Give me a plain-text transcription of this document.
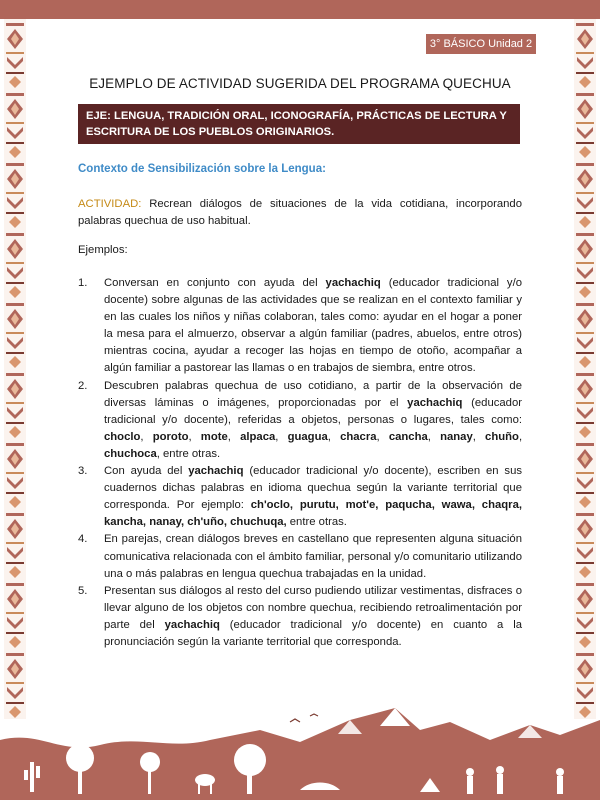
3° BÁSICO Unidad 2
EJEMPLO DE ACTIVIDAD SUGERIDA DEL PROGRAMA QUECHUA
EJE: LENGUA, TRADICIÓN ORAL, ICONOGRAFÍA, PRÁCTICAS DE LECTURA Y ESCRITURA DE LOS PUEBLOS ORIGINARIOS.
Contexto de Sensibilización sobre la Lengua:
ACTIVIDAD: Recrean diálogos de situaciones de la vida cotidiana, incorporando palabras quechua de uso habitual.
Ejemplos:
1. Conversan en conjunto con ayuda del yachachiq (educador tradicional y/o docente) sobre algunas de las actividades que se realizan en el contexto familiar y en las cuales los niños y niñas colaboran, tales como: ayudar en el hogar a poner la mesa para el almuerzo, observar a algún familiar (padres, abuelos, entre otros) mientras cocina, ayudar a recoger las hojas en tiempo de otoño, acompañar a algún familiar a pastorear las llamas o en trabajos de siembra, entre otros.
2. Descubren palabras quechua de uso cotidiano, a partir de la observación de diversas láminas o imágenes, proporcionadas por el yachachiq (educador tradicional y/o docente), referidas a objetos, personas o lugares, tales como: choclo, poroto, mote, alpaca, guagua, chacra, cancha, nanay, chuño, chuchoca, entre otras.
3. Con ayuda del yachachiq (educador tradicional y/o docente), escriben en sus cuadernos dichas palabras en idioma quechua según la variante territorial que corresponda. Por ejemplo: ch'oclo, purutu, mot'e, paqucha, wawa, chaqra, kancha, nanay, ch'uño, chuchuqa, entre otras.
4. En parejas, crean diálogos breves en castellano que representen alguna situación comunicativa relacionada con el ámbito familiar, personal y/o comunitario utilizando una o más palabras en lengua quechua trabajadas en la unidad.
5. Presentan sus diálogos al resto del curso pudiendo utilizar vestimentas, disfraces o llevar alguno de los objetos con nombre quechua, recibiendo retroalimentación por parte del yachachiq (educador tradicional y/o docente) en cuanto a la pronunciación según la variante territorial que corresponda.
